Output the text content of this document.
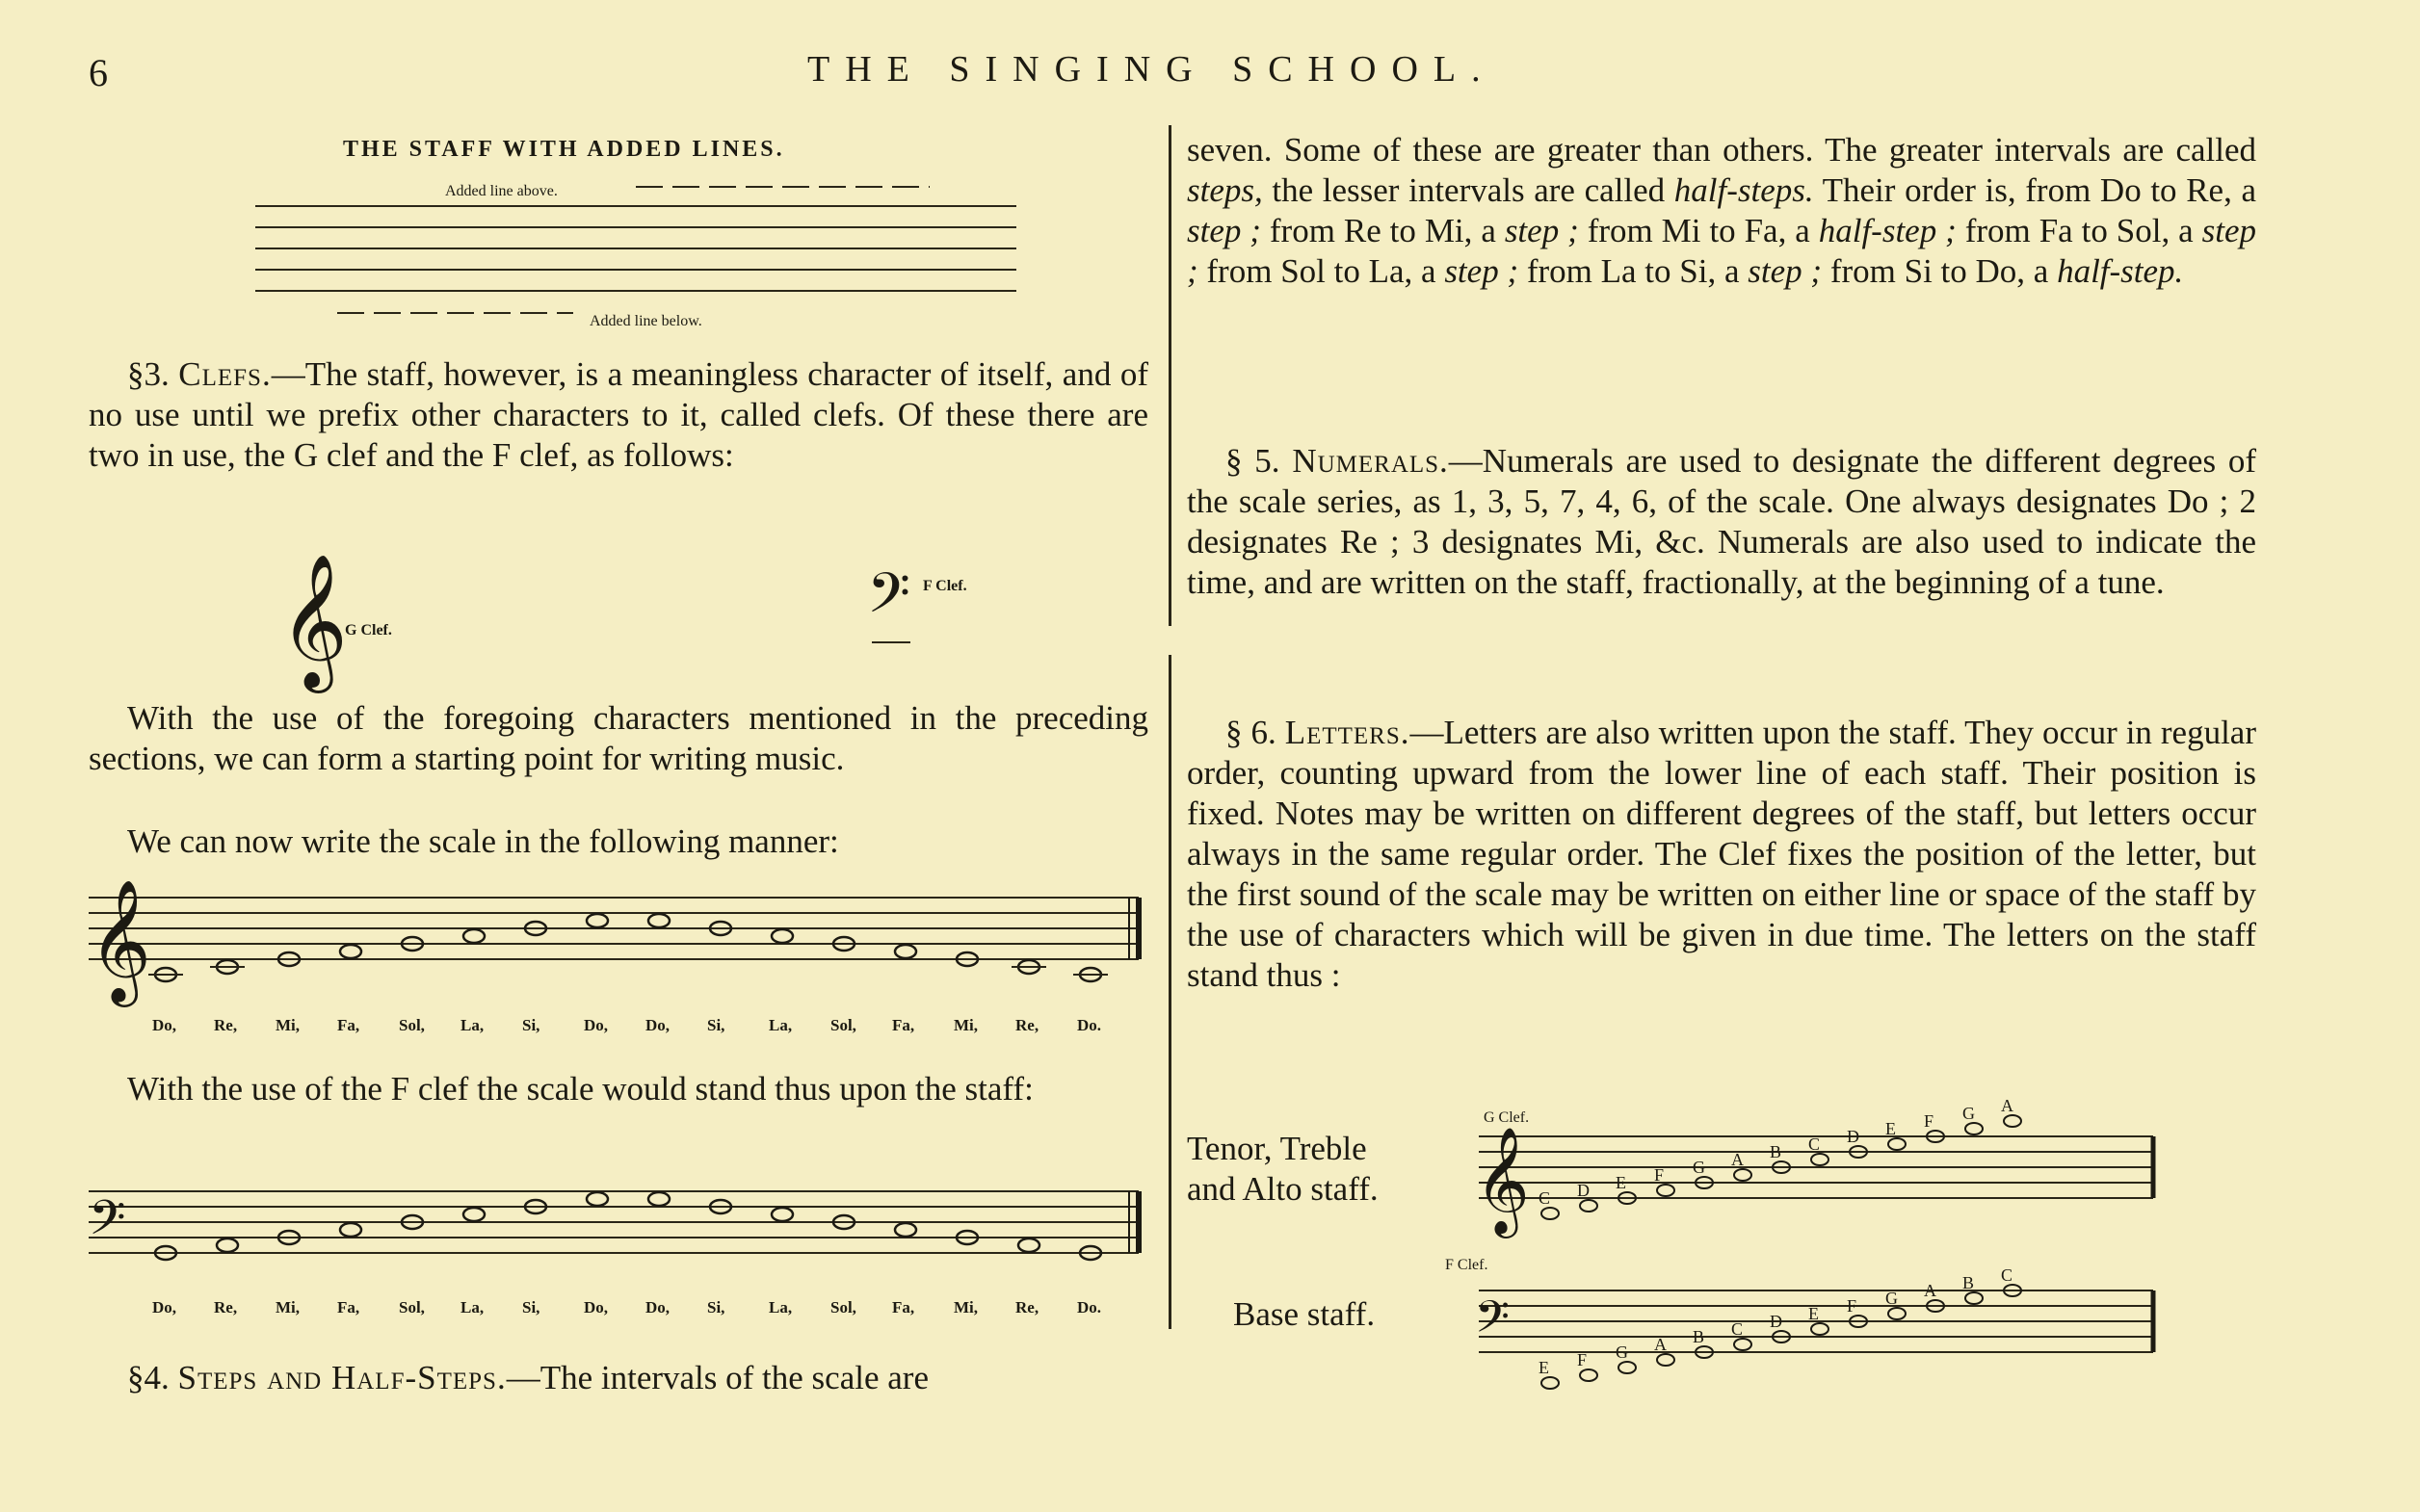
6	THE SINGING SCHOOL.
THE STAFF WITH ADDED LINES.
Added line above.
Added line below.
§3. Clefs.—The staff, however, is a meaningless character of itself, and of no use until we prefix other characters to it, called clefs. Of these there are two in use, the G clef and the F clef, as follows:
𝄞
G Clef.	𝄢 F Clef.
With the use of the foregoing characters mentioned in the preceding sections, we can form a starting point for writing music.
We can now write the scale in the following manner:
𝄞
Do, Re, Mi, Fa, Sol, La, Si,	Do, Do, Si,	La, Sol, Fa, Mi, Re, Do.
With the use of the F clef the scale would stand thus upon the staff:
𝄢
Do, Re, Mi, Fa, Sol, La, Si,	Do, Do, Si,	La, Sol, Fa, Mi, Re, Do.
§4. Steps and Half-Steps.—The intervals of the scale are
seven. Some of these are greater than others. The greater intervals are called steps, the lesser intervals are called half-steps. Their order is, from Do to Re, a step ; from Re to Mi, a step ; from Mi to Fa, a half-step ; from Fa to Sol, a step ; from Sol to La, a step ; from La to Si, a step ; from Si to Do, a half-step.
§ 5. Numerals.—Numerals are used to designate the different degrees of the scale series, as 1, 3, 5, 7, 4, 6, of the scale. One always designates Do ; 2 designates Re ; 3 designates Mi, &c. Numerals are also used to indicate the time, and are written on the staff, fractionally, at the beginning of a tune.
§ 6. Letters.—Letters are also written upon the staff. They occur in regular order, counting upward from the lower line of each staff. Their position is fixed. Notes may be written on different degrees of the staff, but letters occur always in the same regular order. The Clef fixes the position of the letter, but the first sound of the scale may be written on either line or space of the staff by the use of characters which will be given in due time. The letters on the staff stand thus :
Tenor, Treble
and Alto staff.
Base staff.
G Clef.
F Clef.
𝄞 C D E F G A B C D E F G A
𝄢
E F G A B C D E F G A B C
